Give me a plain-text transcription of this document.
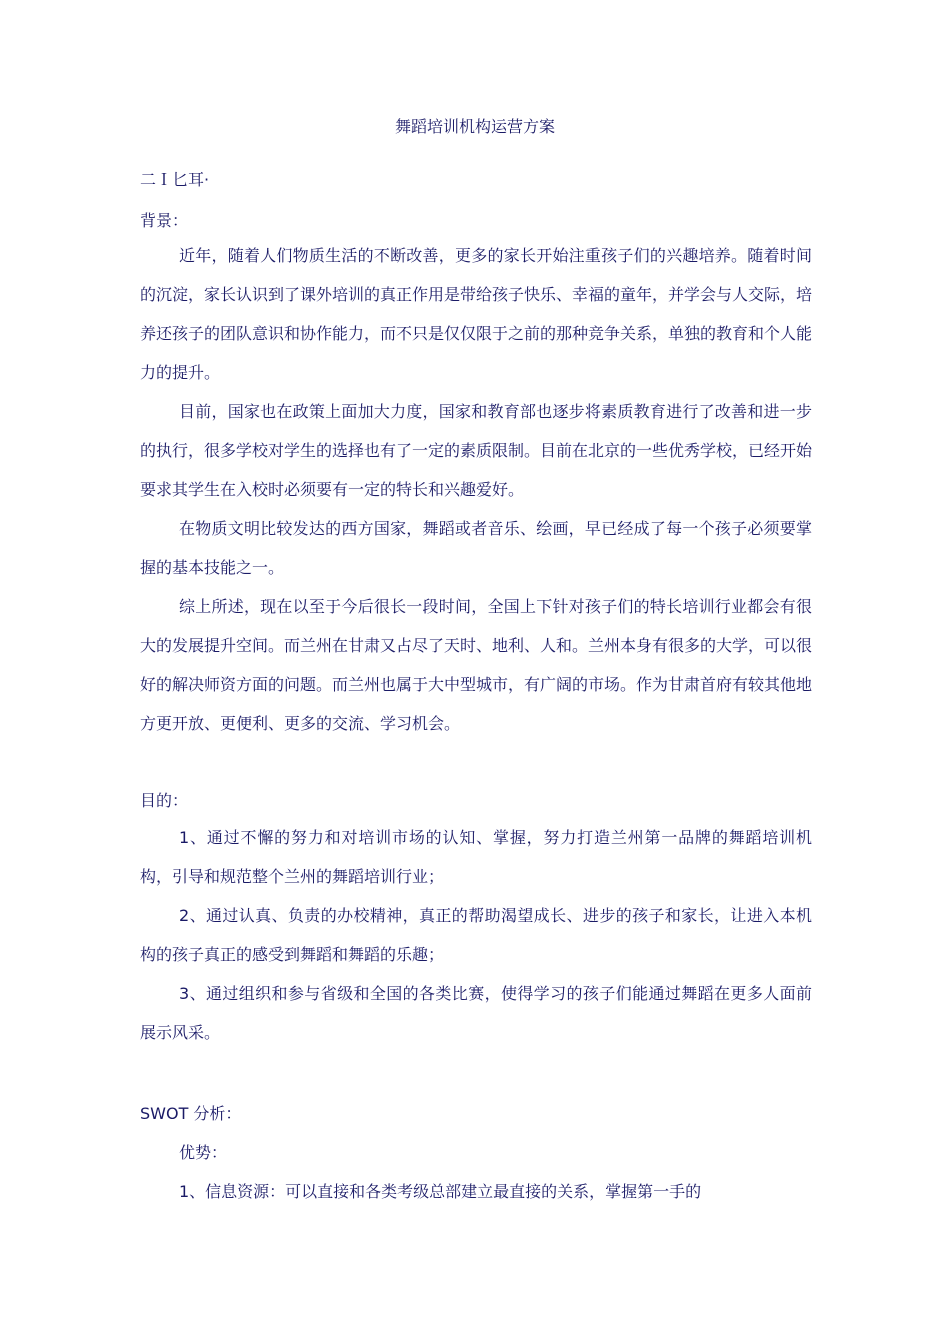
舞蹈培训机构运营方案

二Ｉ匕耳·

背景：

近年，随着人们物质生活的不断改善，更多的家长开始注重孩子们的兴趣培养。随着时间的沉淀，家长认识到了课外培训的真正作用是带给孩子快乐、幸福的童年，并学会与人交际，培养还孩子的团队意识和协作能力，而不只是仅仅限于之前的那种竞争关系，单独的教育和个人能力的提升。

目前，国家也在政策上面加大力度，国家和教育部也逐步将素质教育进行了改善和进一步的执行，很多学校对学生的选择也有了一定的素质限制。目前在北京的一些优秀学校，已经开始要求其学生在入校时必须要有一定的特长和兴趣爱好。

在物质文明比较发达的西方国家，舞蹈或者音乐、绘画，早已经成了每一个孩子必须要掌握的基本技能之一。

综上所述，现在以至于今后很长一段时间，全国上下针对孩子们的特长培训行业都会有很大的发展提升空间。而兰州在甘肃又占尽了天时、地利、人和。兰州本身有很多的大学，可以很好的解决师资方面的问题。而兰州也属于大中型城市，有广阔的市场。作为甘肃首府有较其他地方更开放、更便利、更多的交流、学习机会。

目的：

1、通过不懈的努力和对培训市场的认知、掌握，努力打造兰州第一品牌的舞蹈培训机构，引导和规范整个兰州的舞蹈培训行业；

2、通过认真、负责的办校精神，真正的帮助渴望成长、进步的孩子和家长，让进入本机构的孩子真正的感受到舞蹈和舞蹈的乐趣；

3、通过组织和参与省级和全国的各类比赛，使得学习的孩子们能通过舞蹈在更多人面前展示风采。

SWOT 分析：

优势：

1、信息资源：可以直接和各类考级总部建立最直接的关系，掌握第一手的
